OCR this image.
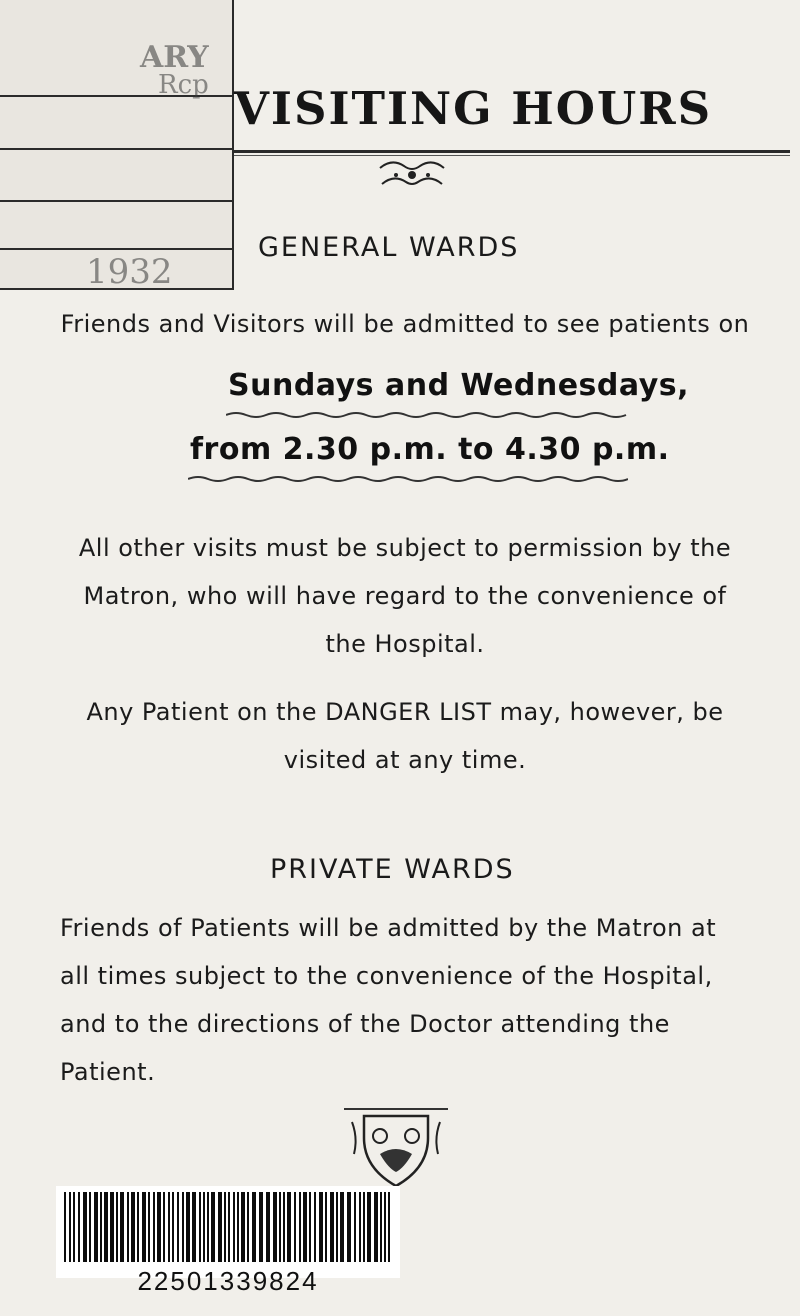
ARY
Rcp
1932
VISITING HOURS
GENERAL WARDS
Friends and Visitors will be admitted to see patients on
Sundays and Wednesdays,
from 2.30 p.m. to 4.30 p.m.
All other visits must be subject to permission by the Matron, who will have regard to the convenience of the Hospital.
Any Patient on the DANGER LIST may, however, be visited at any time.
PRIVATE WARDS
Friends of Patients will be admitted by the Matron at all times subject to the convenience of the Hospital, and to the directions of the Doctor attending the Patient.
22501339824
